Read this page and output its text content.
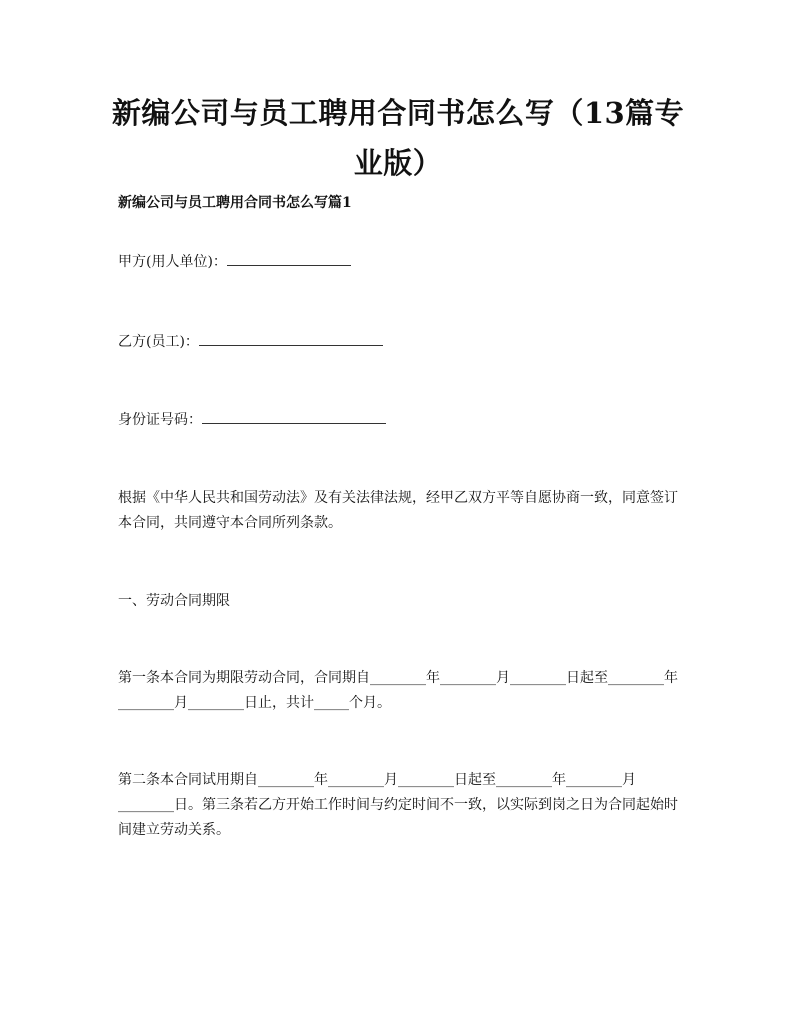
新编公司与员工聘用合同书怎么写（13篇专业版）

新编公司与员工聘用合同书怎么写篇1

甲方(用人单位)：

乙方(员工)：

身份证号码：

根据《中华人民共和国劳动法》及有关法律法规，经甲乙双方平等自愿协商一致，同意签订本合同，共同遵守本合同所列条款。

一、劳动合同期限

第一条本合同为期限劳动合同，合同期自________年________月________日起至________年________月________日止，共计_____个月。

第二条本合同试用期自________年________月________日起至________年________月________日。第三条若乙方开始工作时间与约定时间不一致，以实际到岗之日为合同起始时间建立劳动关系。
